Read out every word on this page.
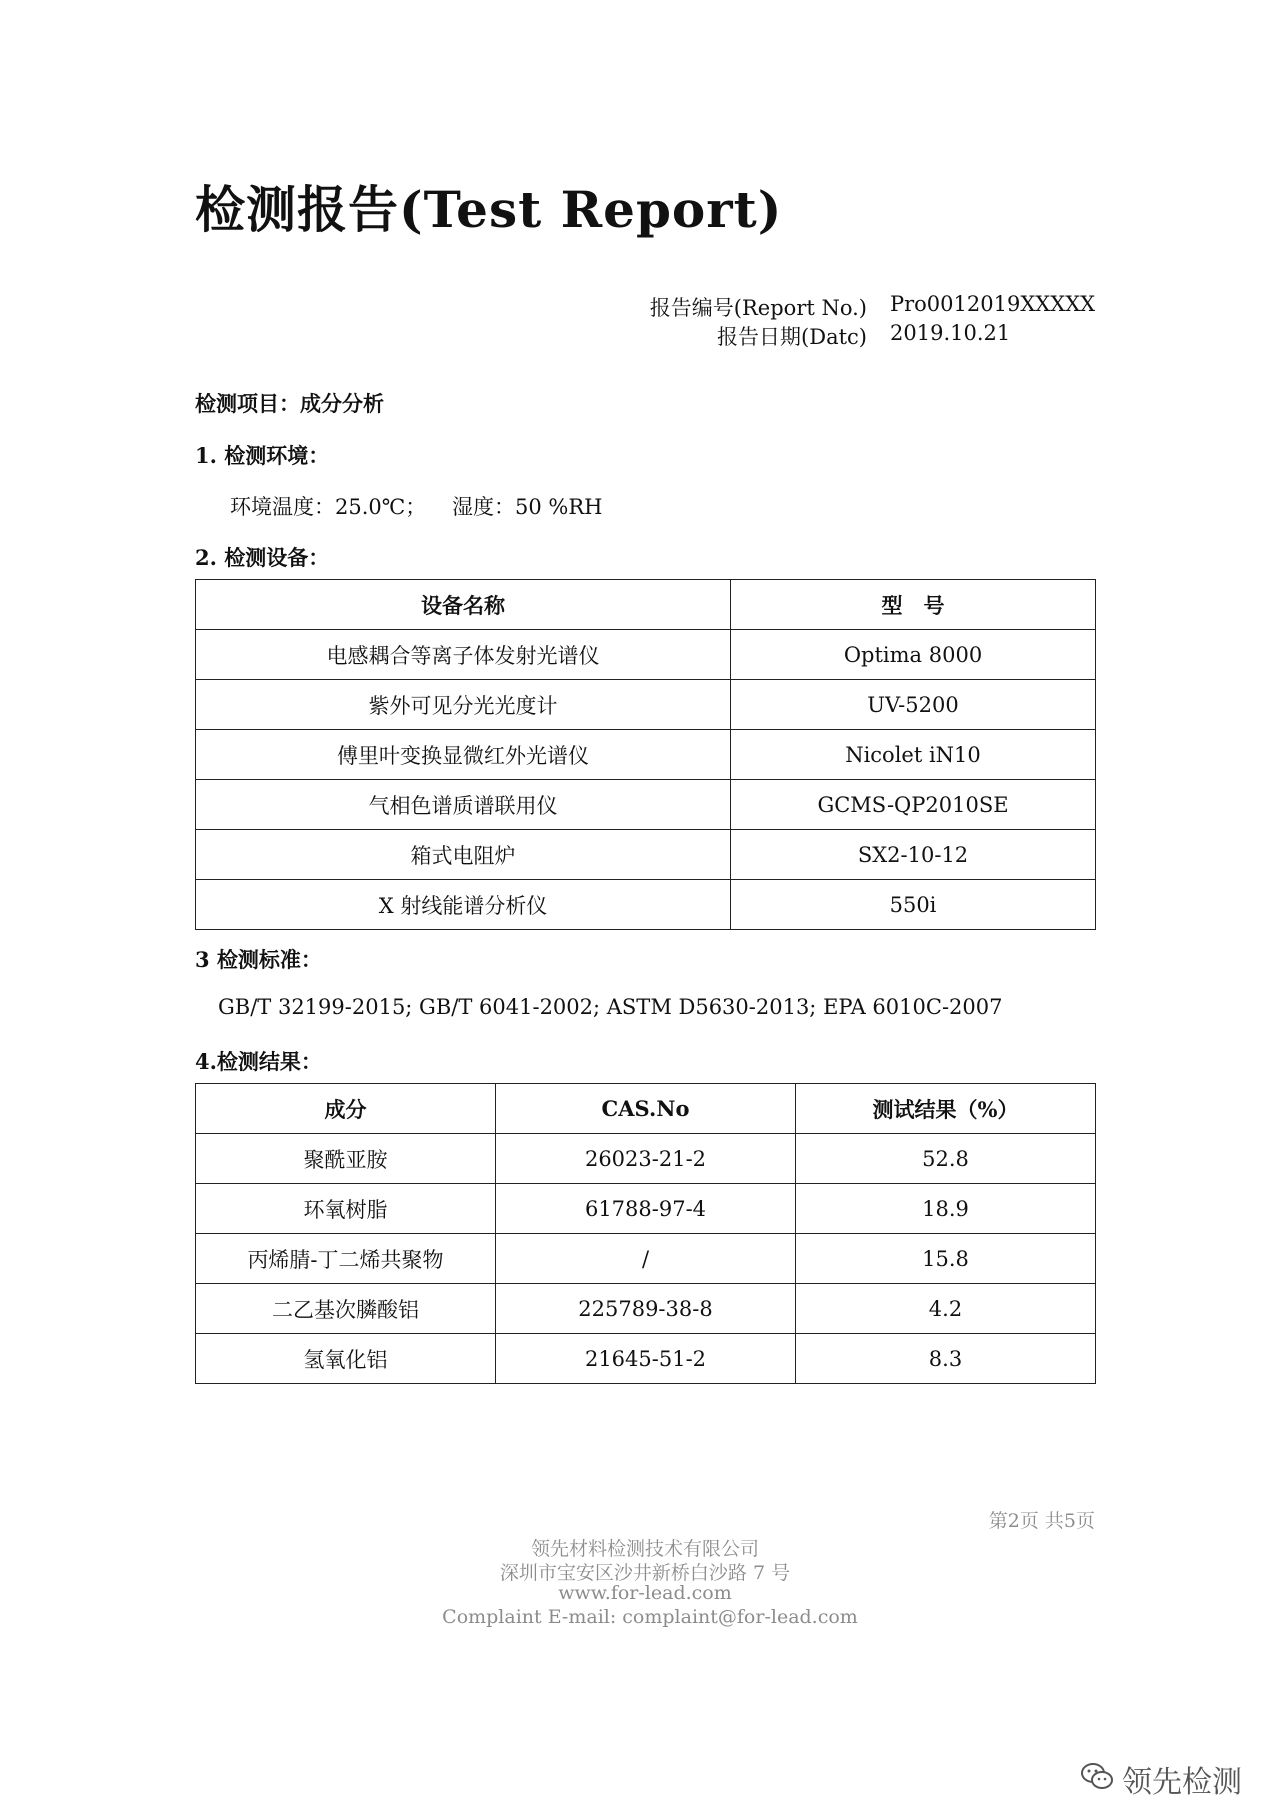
检测报告(Test Report)
报告编号(Report No.) Pro0012019XXXXX
报告日期(Datc) 2019.10.21
检测项目：成分分析
1. 检测环境：
环境温度：25.0℃； 湿度：50 %RH
2. 检测设备：
设备名称	型　号
电感耦合等离子体发射光谱仪	Optima 8000
紫外可见分光光度计	UV-5200
傅里叶变换显微红外光谱仪	Nicolet iN10
气相色谱质谱联用仪	GCMS-QP2010SE
箱式电阻炉	SX2-10-12
X 射线能谱分析仪	550i
3 检测标准：
GB/T 32199-2015; GB/T 6041-2002; ASTM D5630-2013; EPA 6010C-2007
4.检测结果：
成分	CAS.No	测试结果（%）
聚酰亚胺	26023-21-2	52.8
环氧树脂	61788-97-4	18.9
丙烯腈-丁二烯共聚物	/	15.8
二乙基次膦酸铝	225789-38-8	4.2
氢氧化铝	21645-51-2	8.3
第2页 共5页
领先材料检测技术有限公司
深圳市宝安区沙井新桥白沙路 7 号
www.for-lead.com
Complaint E-mail: complaint@for-lead.com
领先检测
